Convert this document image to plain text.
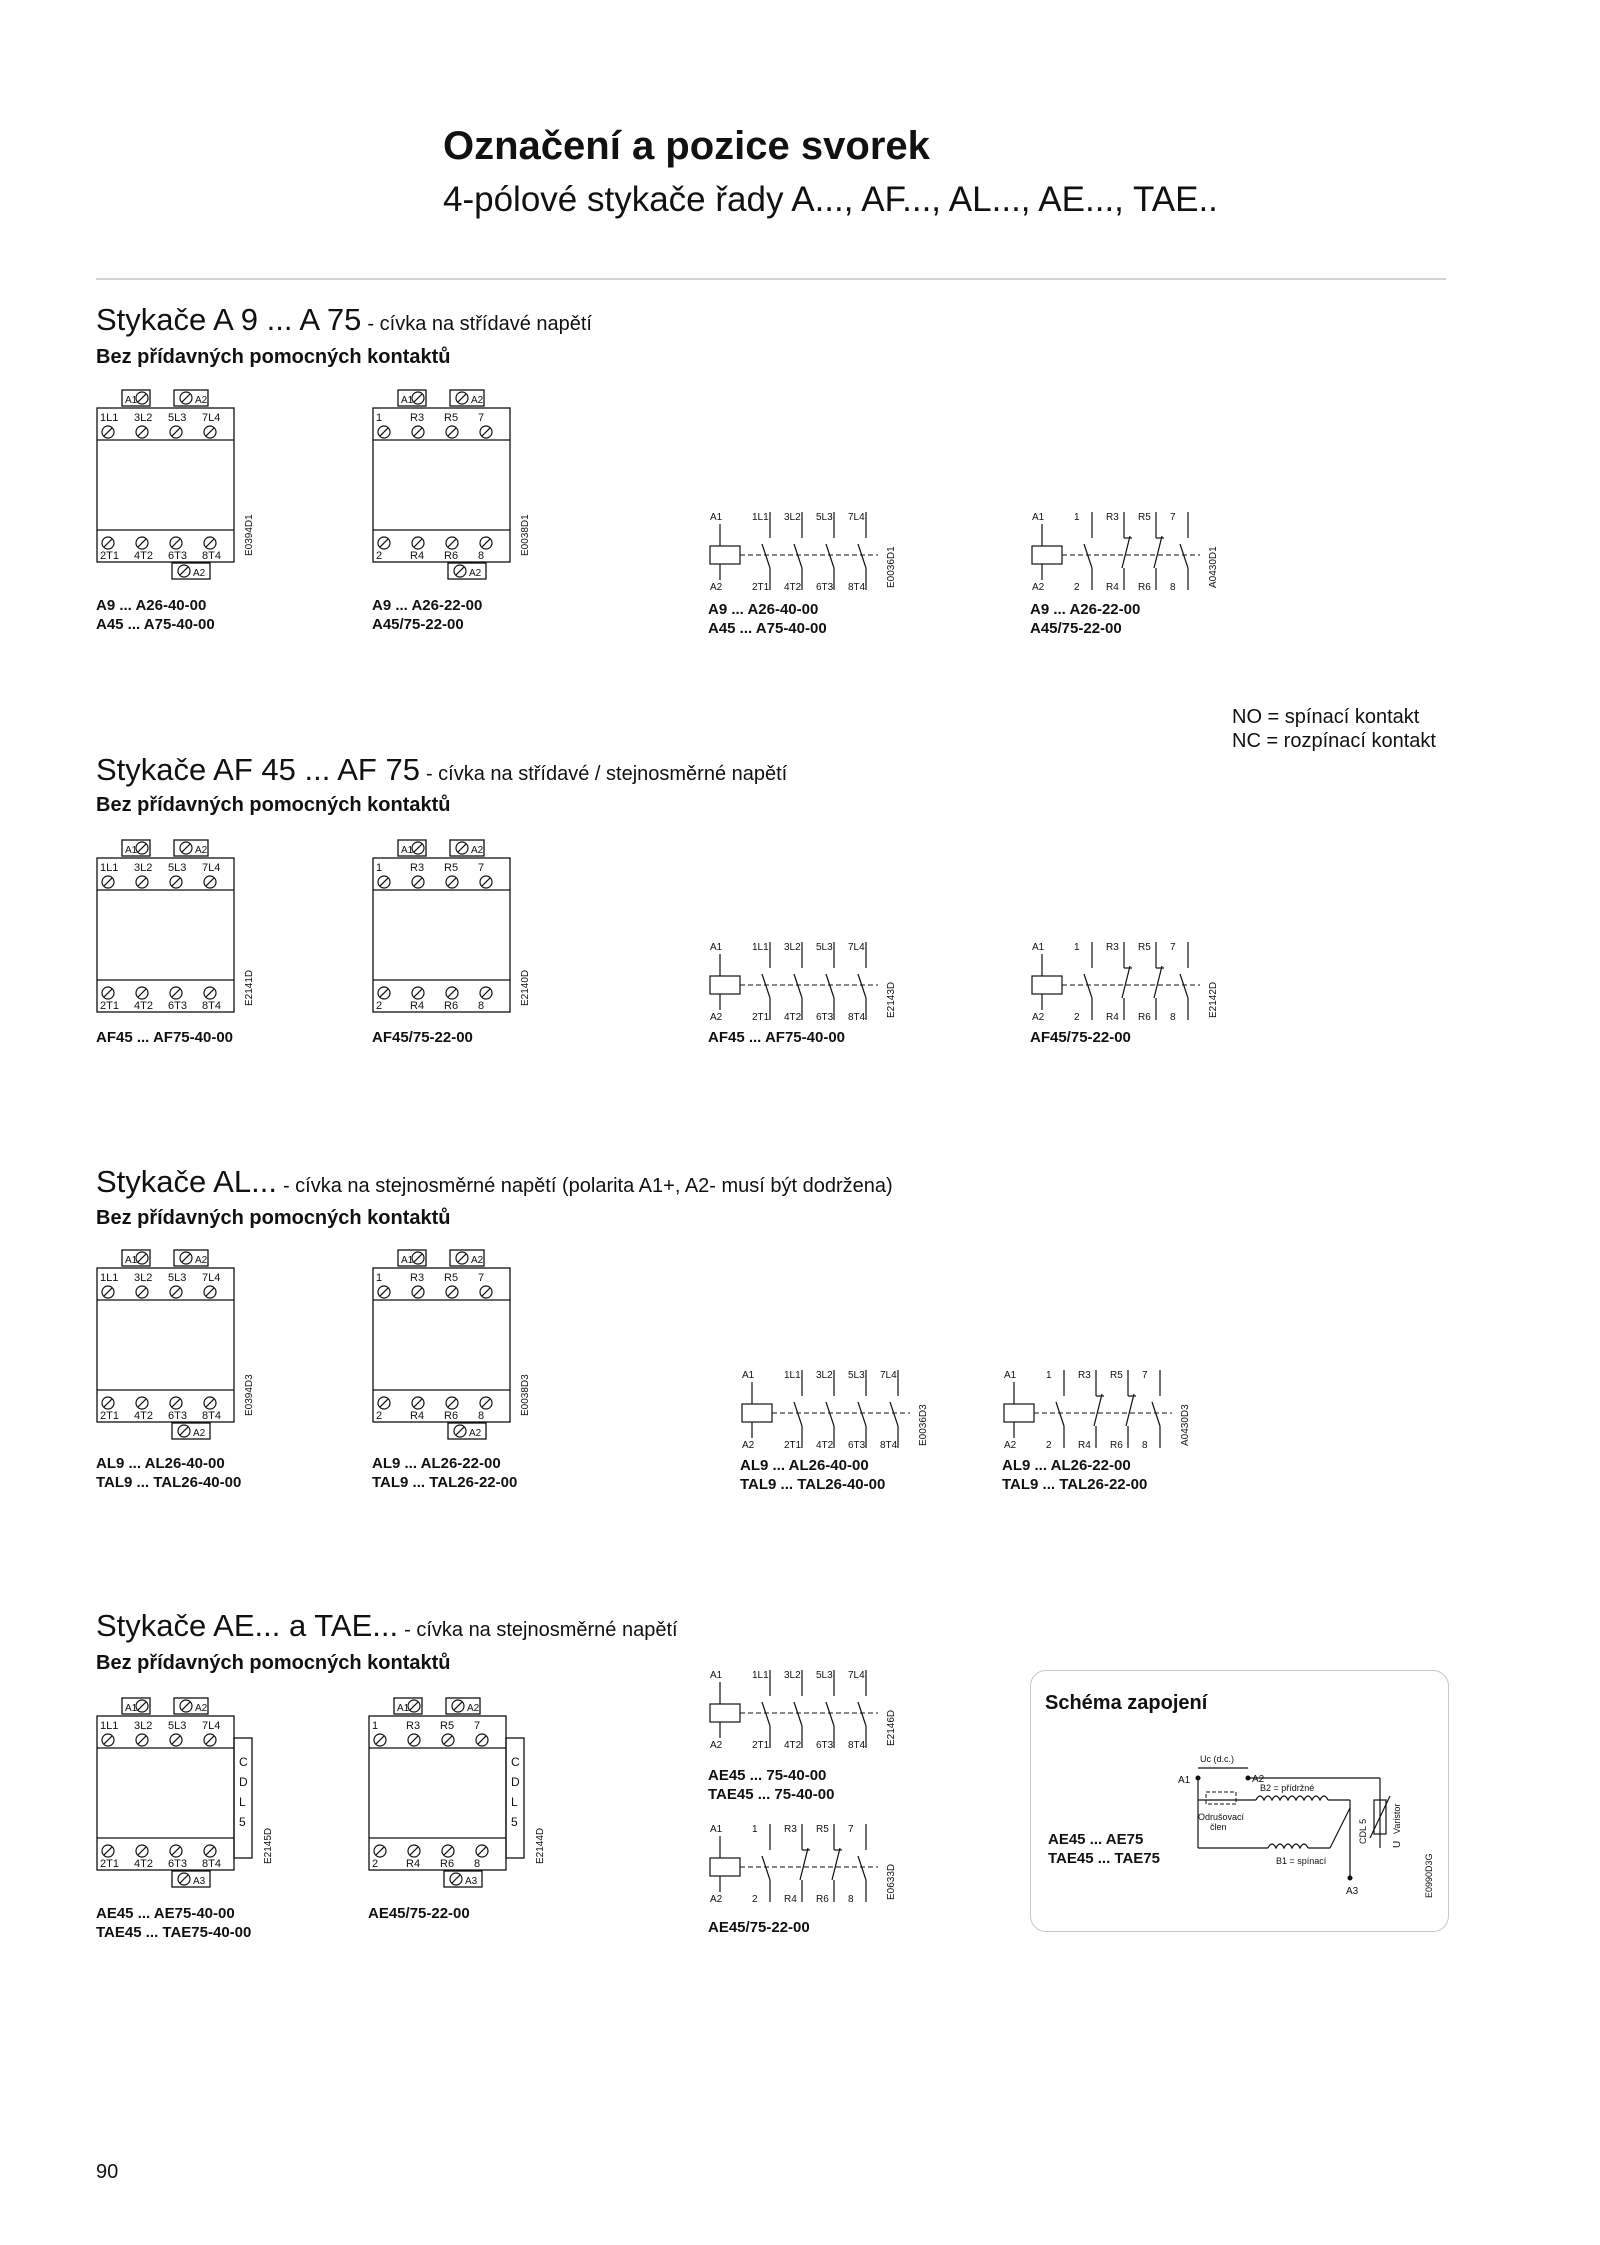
Označení a pozice svorek
4-pólové stykače řady A..., AF..., AL..., AE..., TAE..
Stykače A 9 ... A 75 - cívka na střídavé napětí
Bez přídavných pomocných kontaktů
A1	A2
1L1 3L2 5L3 7L4
2T1 4T2 6T3 8T4
A2
E0394D1
A1	A2
1	R3 R5 7
2	R4 R6 8
A2
E0038D1	A1
A2
1L1
2T1
3L2
4T2
5L3
6T3
7L4
8T4 E0036D1
A1
A2
1
2
R3
R4
R5
R6
7
8	A0430D1
A9 ... A26-40-00
A45 ... A75-40-00
A9 ... A26-22-00
A45/75-22-00
A9 ... A26-40-00
A45 ... A75-40-00
A9 ... A26-22-00
A45/75-22-00
NO = spínací kontakt
NC = rozpínací kontakt
Stykače AF 45 ... AF 75 - cívka na střídavé / stejnosměrné napětí
Bez přídavných pomocných kontaktů
A1	A2
1L1 3L2 5L3 7L4
2T1 4T2 6T3 8T4 E2141D
A1	A2
1	R3 R5 7
2	R4 R6 8	E2140D
A1
A2
1L1
2T1
3L2
4T2
5L3
6T3
7L4
8T4 E2143D
A1
A2
1
2
R3
R4
R5
R6
7
8	E2142D
AF45 ... AF75-40-00	AF45/75-22-00	AF45 ... AF75-40-00	AF45/75-22-00
Stykače AL... - cívka na stejnosměrné napětí (polarita A1+, A2- musí být dodržena)
Bez přídavných pomocných kontaktů
A1	A2
1L1 3L2 5L3 7L4
2T1 4T2 6T3 8T4
A2
E0394D3
A1	A2
1	R3 R5 7
2	R4 R6 8
A2
E0038D3	A1
A2
1L1
2T1
3L2
4T2
5L3
6T3
7L4
8T4 E0036D3
A1
A2
1
2
R3
R4
R5
R6
7
8	A0430D3
AL9 ... AL26-40-00
TAL9 ... TAL26-40-00
AL9 ... AL26-22-00
TAL9 ... TAL26-22-00
AL9 ... AL26-40-00
TAL9 ... TAL26-40-00
AL9 ... AL26-22-00
TAL9 ... TAL26-22-00
Stykače AE... a TAE... - cívka na stejnosměrné napětí
Bez přídavných pomocných kontaktů
A1	A2
1L1 3L2 5L3 7L4
2T1 4T2 6T3 8T4
A3
C
D
L
5
E2145D
A1	A2
1	R3 R5 7
2	R4 R6 8
A3
C
D
L
5
E2144D
A1
A2
1L1
2T1
3L2
4T2
5L3
6T3
7L4
8T4 E2146D
A1
A2
1
2
R3
R4
R5
R6
7
8	E0633D
AE45 ... AE75-40-00
TAE45 ... TAE75-40-00
AE45/75-22-00
AE45 ... 75-40-00
TAE45 ... 75-40-00
AE45/75-22-00
Schéma zapojení
AE45 ... AE75
TAE45 ... TAE75
A1	A2
Uc (d.c.)
Odrušovací
člen
B2 = přídržné
B1 = spínací
A3
CDL 5	Varistor
U
E0990D3G
90
